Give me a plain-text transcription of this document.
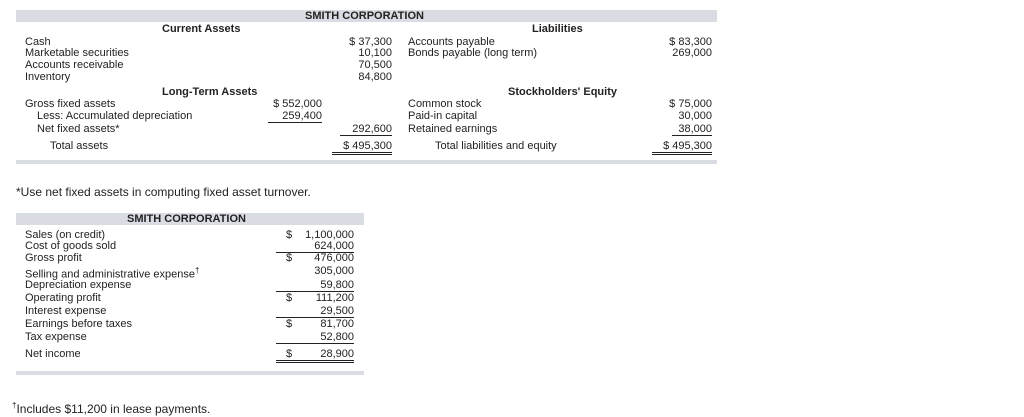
SMITH CORPORATION
Current Assets	Liabilities
Cash	$ 37,300
Marketable securities	10,100
Accounts receivable	70,500
Inventory	84,800
Accounts payable	$ 83,300
Bonds payable (long term)	269,000
Long-Term Assets	Stockholders' Equity
Gross fixed assets	$ 552,000
Less: Accumulated depreciation	259,400
Net fixed assets*	292,600
Total assets	$ 495,300
Common stock	$ 75,000
Paid-in capital	30,000
Retained earnings	38,000
Total liabilities and equity	$ 495,300
*Use net fixed assets in computing fixed asset turnover.
SMITH CORPORATION
Sales (on credit)	$	1,100,000
Cost of goods sold	624,000
Gross profit	$	476,000
Selling and administrative expense†	305,000
Depreciation expense	59,800
Operating profit	$	111,200
Interest expense	29,500
Earnings before taxes	$	81,700
Tax expense	52,800
Net income	$	28,900
†Includes $11,200 in lease payments.
